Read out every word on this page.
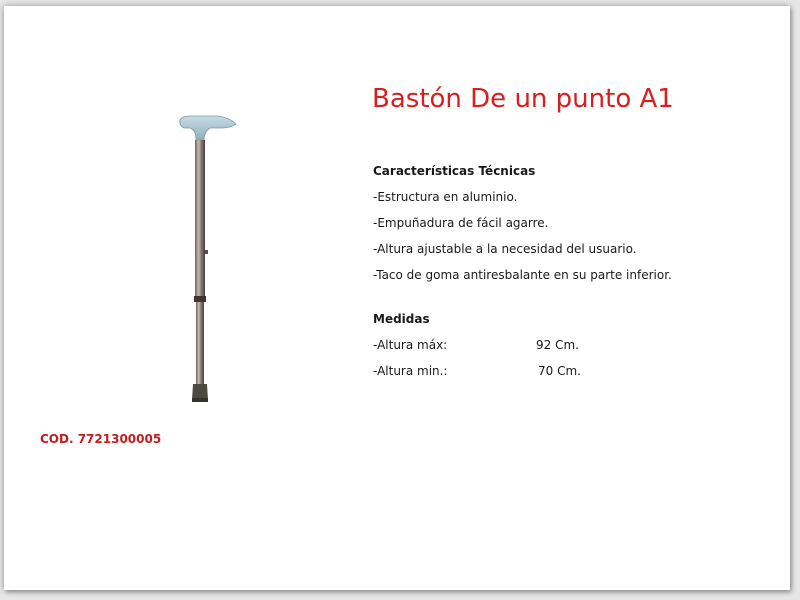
Bastón De un punto A1
Características Técnicas
-Estructura en aluminio.
-Empuñadura de fácil agarre.
-Altura ajustable a la necesidad del usuario.
-Taco de goma antiresbalante en su parte inferior.
Medidas
-Altura máx:	92 Cm.
-Altura min.:	70 Cm.
COD. 7721300005
